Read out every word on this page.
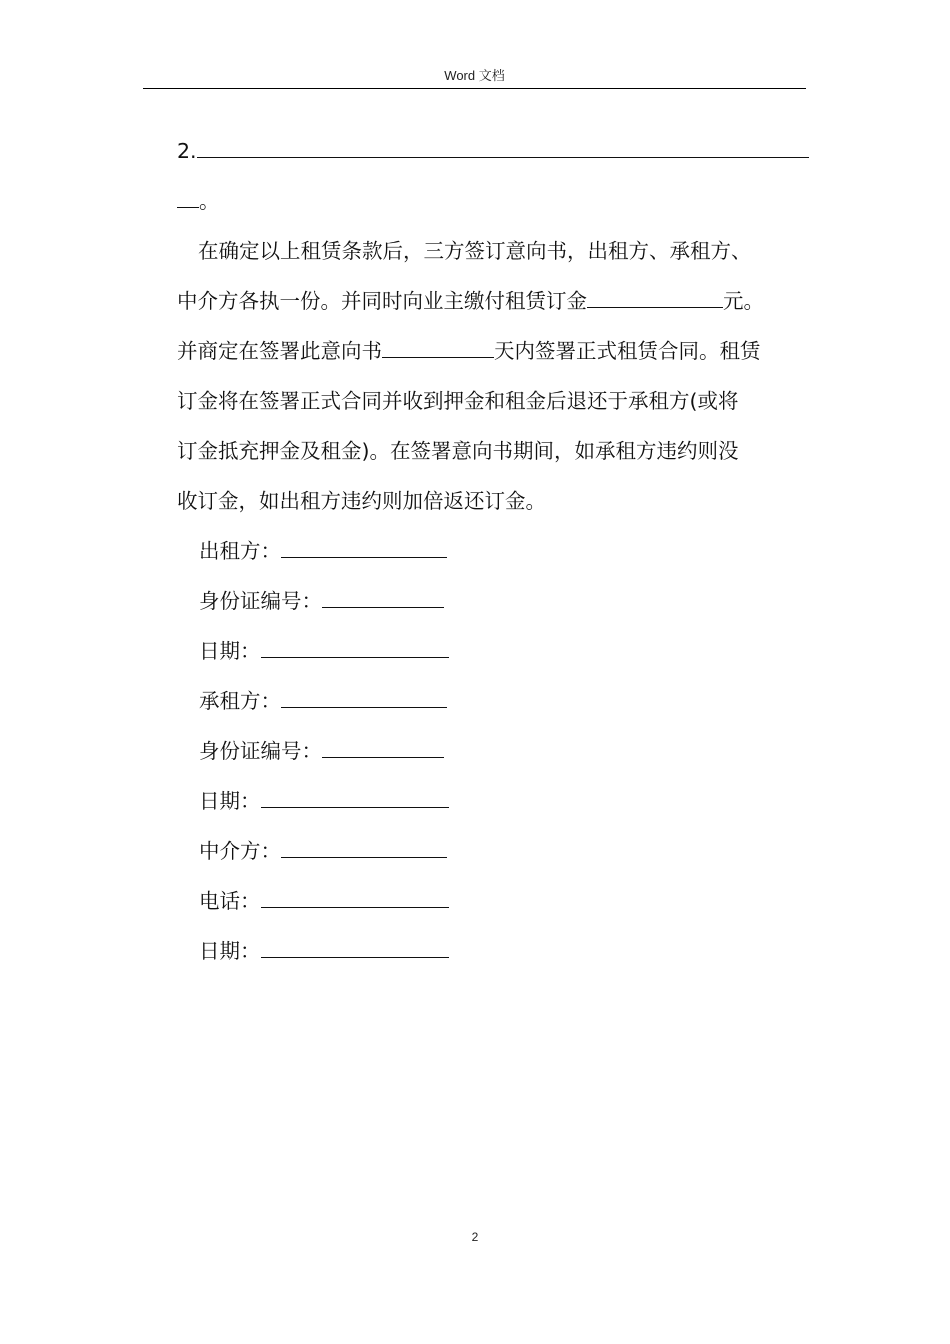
Word 文档
2.
。
在确定以上租赁条款后，三方签订意向书，出租方、承租方、
中介方各执一份。并同时向业主缴付租赁订金	元。
并商定在签署此意向书	天内签署正式租赁合同。租赁
订金将在签署正式合同并收到押金和租金后退还于承租方(或将
订金抵充押金及租金)。在签署意向书期间，如承租方违约则没
收订金，如出租方违约则加倍返还订金。
出租方：
身份证编号：
日期：
承租方：
身份证编号：
日期：
中介方：
电话：
日期：
2
